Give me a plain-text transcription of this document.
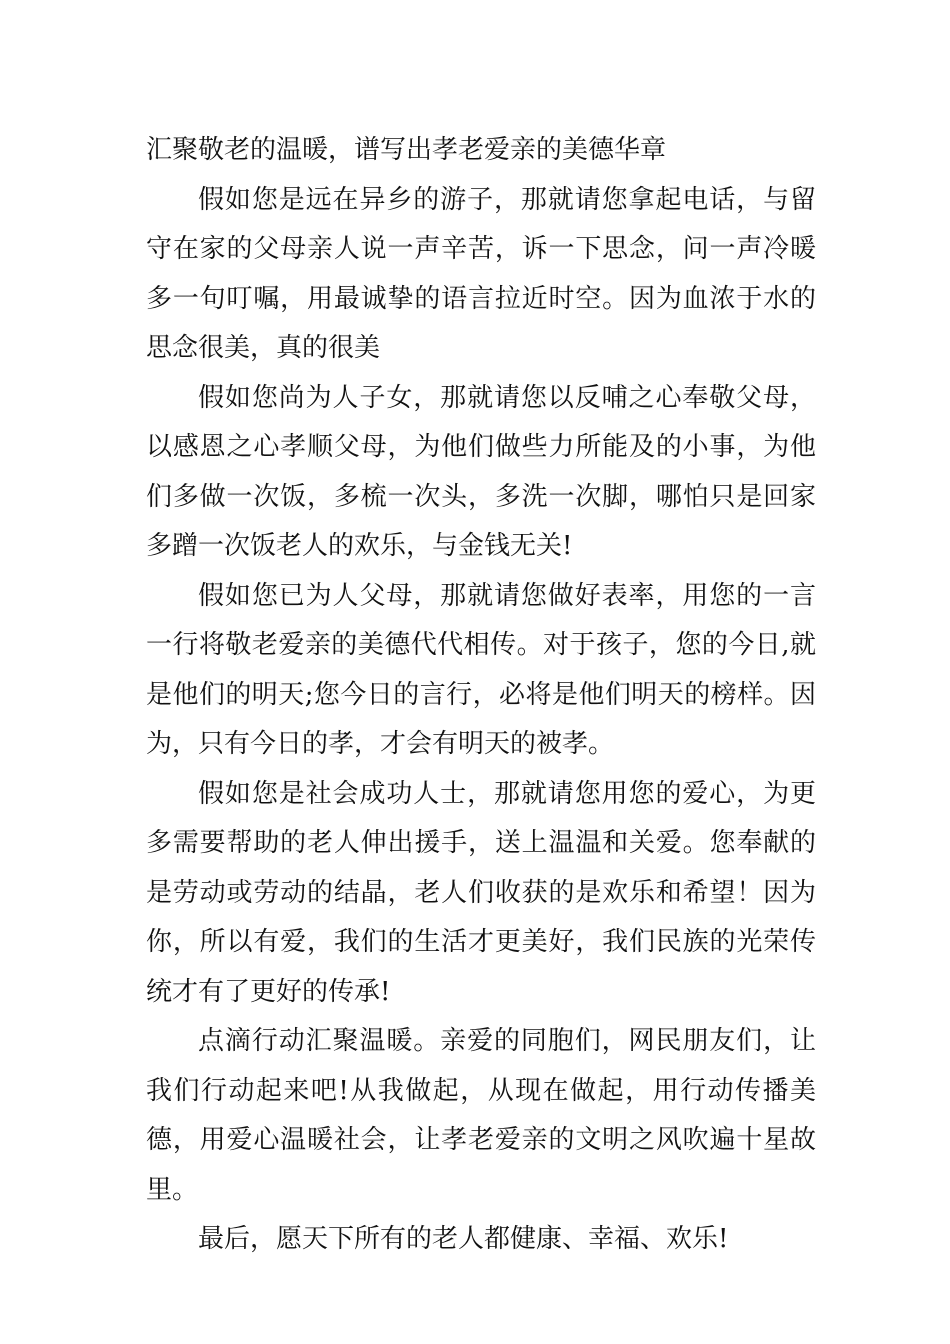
汇聚敬老的温暖，谱写出孝老爱亲的美德华章

假如您是远在异乡的游子，那就请您拿起电话，与留守在家的父母亲人说一声辛苦，诉一下思念，问一声冷暖多一句叮嘱，用最诚挚的语言拉近时空。因为血浓于水的思念很美，真的很美

假如您尚为人子女，那就请您以反哺之心奉敬父母，以感恩之心孝顺父母，为他们做些力所能及的小事，为他们多做一次饭，多梳一次头，多洗一次脚，哪怕只是回家多蹭一次饭老人的欢乐，与金钱无关!

假如您已为人父母，那就请您做好表率，用您的一言一行将敬老爱亲的美德代代相传。对于孩子，您的今日,就是他们的明天;您今日的言行，必将是他们明天的榜样。因为，只有今日的孝，才会有明天的被孝。

假如您是社会成功人士，那就请您用您的爱心，为更多需要帮助的老人伸出援手，送上温温和关爱。您奉献的是劳动或劳动的结晶，老人们收获的是欢乐和希望！因为你，所以有爱，我们的生活才更美好，我们民族的光荣传统才有了更好的传承!

点滴行动汇聚温暖。亲爱的同胞们，网民朋友们，让我们行动起来吧!从我做起，从现在做起，用行动传播美德，用爱心温暖社会，让孝老爱亲的文明之风吹遍十星故里。

最后，愿天下所有的老人都健康、幸福、欢乐!
